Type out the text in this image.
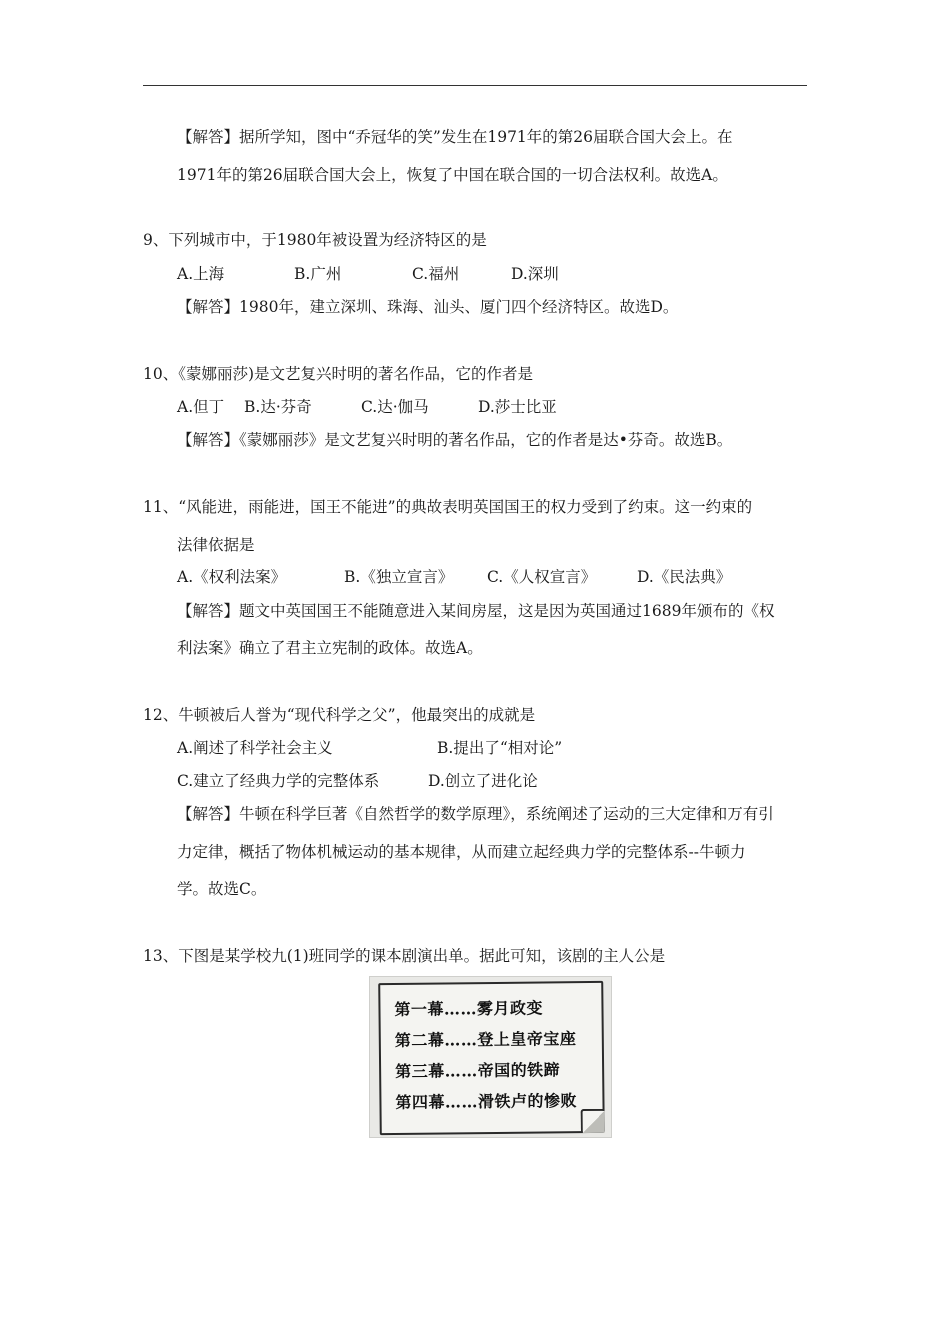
【解答】据所学知，图中“乔冠华的笑”发生在1971年的第26届联合国大会上。在
1971年的第26届联合国大会上，恢复了中国在联合国的一切合法权利。故选A。
9、下列城市中，于1980年被设置为经济特区的是
A.上海	B.广州	C.福州	D.深圳
【解答】1980年，建立深圳、珠海、汕头、厦门四个经济特区。故选D。
10、《蒙娜丽莎)是文艺复兴时明的著名作品，它的作者是
A.但丁 B.达·芬奇	C.达·伽马	D.莎士比亚
【解答】《蒙娜丽莎》是文艺复兴时明的著名作品，它的作者是达•芬奇。故选B。
11、“风能进，雨能进，国王不能进”的典故表明英国国王的权力受到了约束。这一约束的
法律依据是
A.《权利法案》	B.《独立宣言》 C.《人权宣言》	D.《民法典》
【解答】题文中英国国王不能随意进入某间房屋，这是因为英国通过1689年颁布的《权
利法案》确立了君主立宪制的政体。故选A。
12、牛顿被后人誉为“现代科学之父”，他最突出的成就是
A.阐述了科学社会主义	B.提出了“相对论”
C.建立了经典力学的完整体系	D.创立了进化论
【解答】牛顿在科学巨著《自然哲学的数学原理》，系统阐述了运动的三大定律和万有引
力定律，概括了物体机械运动的基本规律，从而建立起经典力学的完整体系--牛顿力
学。故选C。
13、下图是某学校九(1)班同学的课本剧演出单。据此可知，该剧的主人公是
第一幕……雾月政变
第二幕……登上皇帝宝座
第三幕……帝国的铁蹄
第四幕……滑铁卢的惨败
